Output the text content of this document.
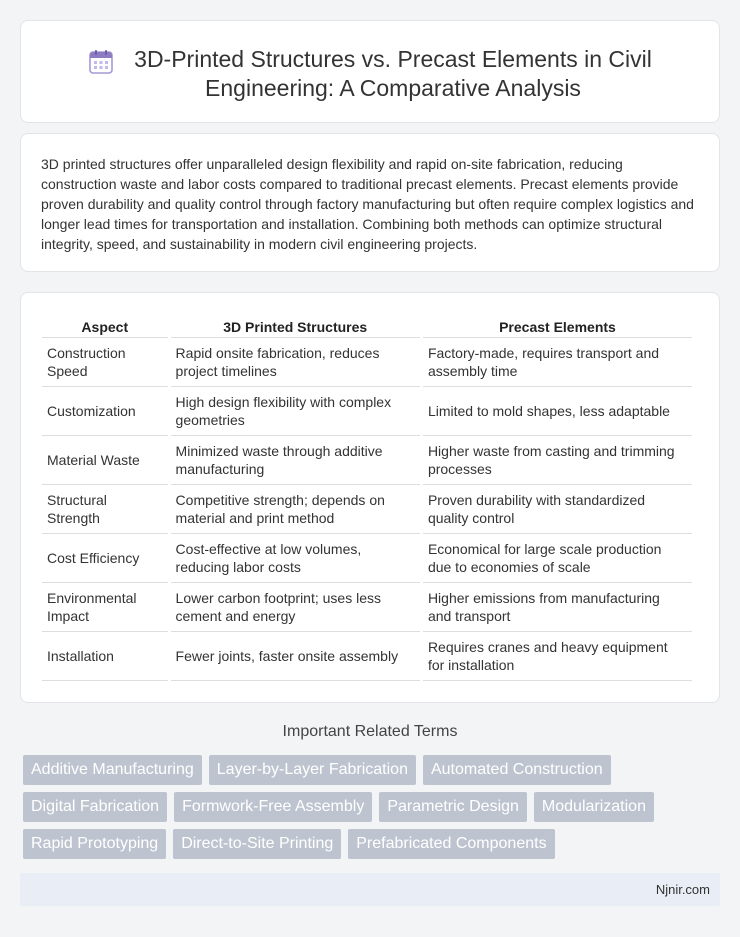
3D-Printed Structures vs. Precast Elements in Civil
Engineering: A Comparative Analysis

3D printed structures offer unparalleled design flexibility and rapid on-site fabrication, reducing construction waste and labor costs compared to traditional precast elements. Precast elements provide proven durability and quality control through factory manufacturing but often require complex logistics and longer lead times for transportation and installation. Combining both methods can optimize structural integrity, speed, and sustainability in modern civil engineering projects.

Aspect	3D Printed Structures	Precast Elements
Construction Speed	Rapid onsite fabrication, reduces project timelines	Factory-made, requires transport and assembly time
Customization	High design flexibility with complex geometries	Limited to mold shapes, less adaptable
Material Waste	Minimized waste through additive manufacturing	Higher waste from casting and trimming processes
Structural Strength	Competitive strength; depends on material and print method	Proven durability with standardized quality control
Cost Efficiency	Cost-effective at low volumes, reducing labor costs	Economical for large scale production due to economies of scale
Environmental Impact	Lower carbon footprint; uses less cement and energy	Higher emissions from manufacturing and transport
Installation	Fewer joints, faster onsite assembly	Requires cranes and heavy equipment for installation
Important Related Terms
Additive Manufacturing	Layer-by-Layer Fabrication	Automated Construction
Digital Fabrication	Formwork-Free Assembly	Parametric Design	Modularization
Rapid Prototyping	Direct-to-Site Printing	Prefabricated Components
Njnir.com
